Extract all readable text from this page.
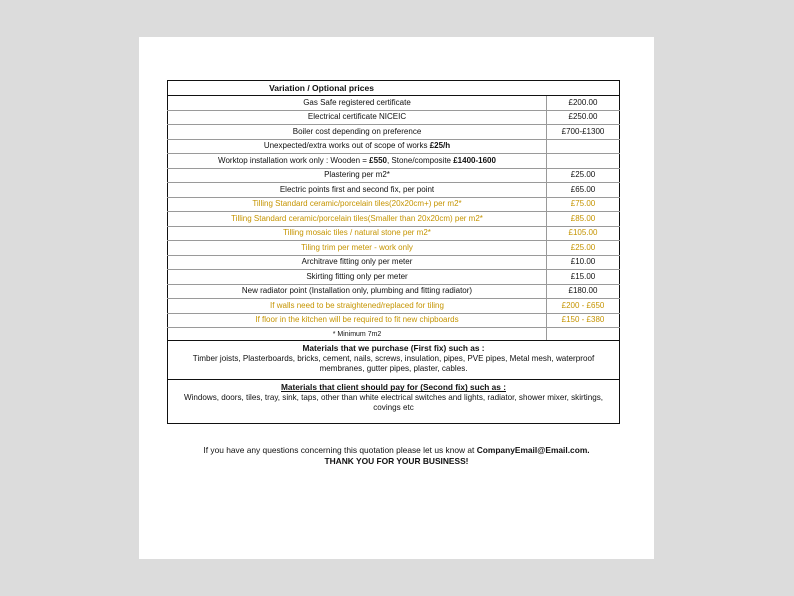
Variation / Optional prices	
Gas Safe registered certificate	£200.00
Electrical certificate NICEIC	£250.00
Boiler cost depending on preference	£700-£1300
Unexpected/extra works out of scope of works £25/h	
Worktop installation work only : Wooden = £550, Stone/composite £1400-1600	
Plastering per m2*	£25.00
Electric points first and second fix, per point	£65.00
Tilling Standard ceramic/porcelain tiles(20x20cm+) per m2*	£75.00
Tilling Standard ceramic/porcelain tiles(Smaller than 20x20cm) per m2*	£85.00
Tilling mosaic tiles / natural stone per m2*	£105.00
Tiling trim per meter - work only	£25.00
Architrave fitting only per meter	£10.00
Skirting fitting only per meter	£15.00
New radiator point (Installation only, plumbing and fitting radiator)	£180.00
If walls need to be straightened/replaced for tiling	£200 - £650
If floor in the kitchen will be required to fit new chipboards	£150 - £380
* Minimum 7m2	

Materials that we purchase (First fix) such as :
Timber joists, Plasterboards, bricks, cement, nails, screws, insulation, pipes, PVE pipes, Metal mesh, waterproof membranes, gutter pipes, plaster, cables.	

Materials that client should pay for (Second fix) such as :
Windows, doors, tiles, tray, sink, taps, other than white electrical switches and lights, radiator, shower mixer, skirtings, covings etc	
If you have any questions concerning this quotation please let us know at CompanyEmail@Email.com.
THANK YOU FOR YOUR BUSINESS!
